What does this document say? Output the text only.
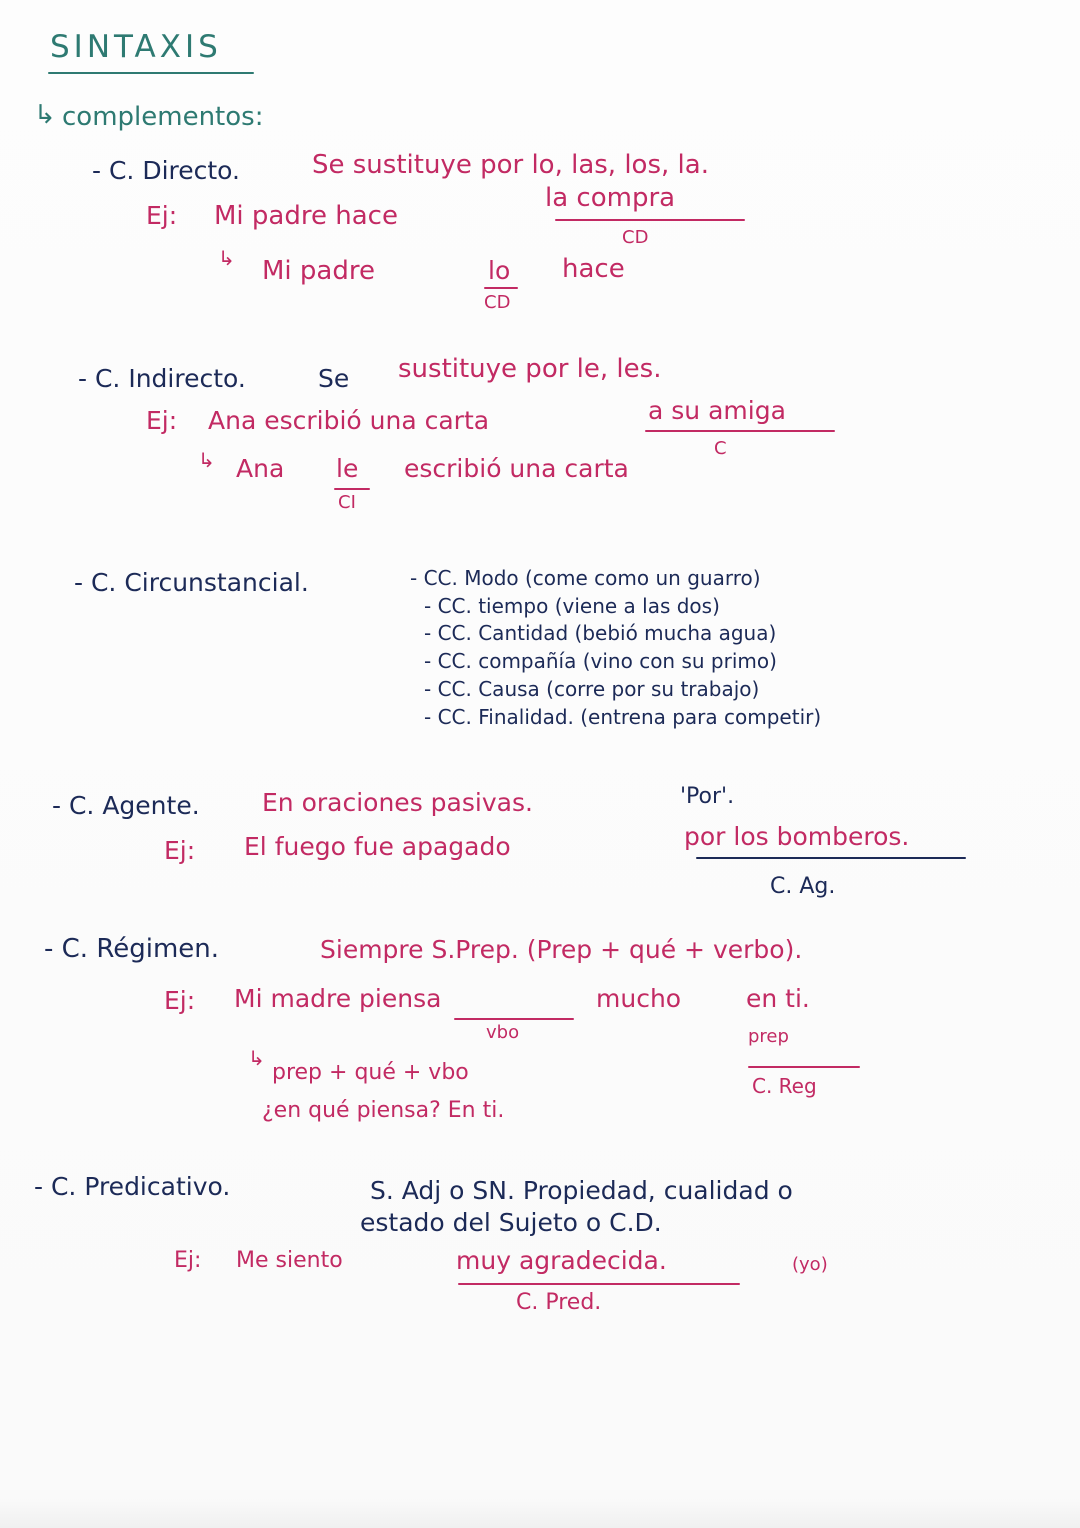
SINTAXIS
↳ complementos:
- C. Directo.	Se sustituye por lo, las, los, la.
Ej: Mi padre hace
la compra
CD
↳ Mi padre	lo
CD
hace
- C. Indirecto.	Se sustituye por le, les.
Ej: Ana escribió una carta	a su amiga
↳ Ana le
CI
escribió una carta
C
- C. Circunstancial.	- CC. Modo (come como un guarro)
- CC. tiempo (viene a las dos)
- CC. Cantidad (bebió mucha agua)
- CC. compañía (vino con su primo)
- CC. Causa (corre por su trabajo)
- CC. Finalidad. (entrena para competir)
- C. Agente. En oraciones pasivas.	'Por'.
Ej: El fuego fue apagado	por los bomberos.
C. Ag.
- C. Régimen.	Siempre S.Prep. (Prep + qué + verbo).
Ej: Mi madre piensa
vbo
mucho	en ti.
prep
C. Reg
↳
prep + qué + vbo
¿en qué piensa? En ti.
- C. Predicativo.	S. Adj o SN. Propiedad, cualidad o
estado del Sujeto o C.D.
Ej: Me siento	muy agradecida.	(yo)
C. Pred.
